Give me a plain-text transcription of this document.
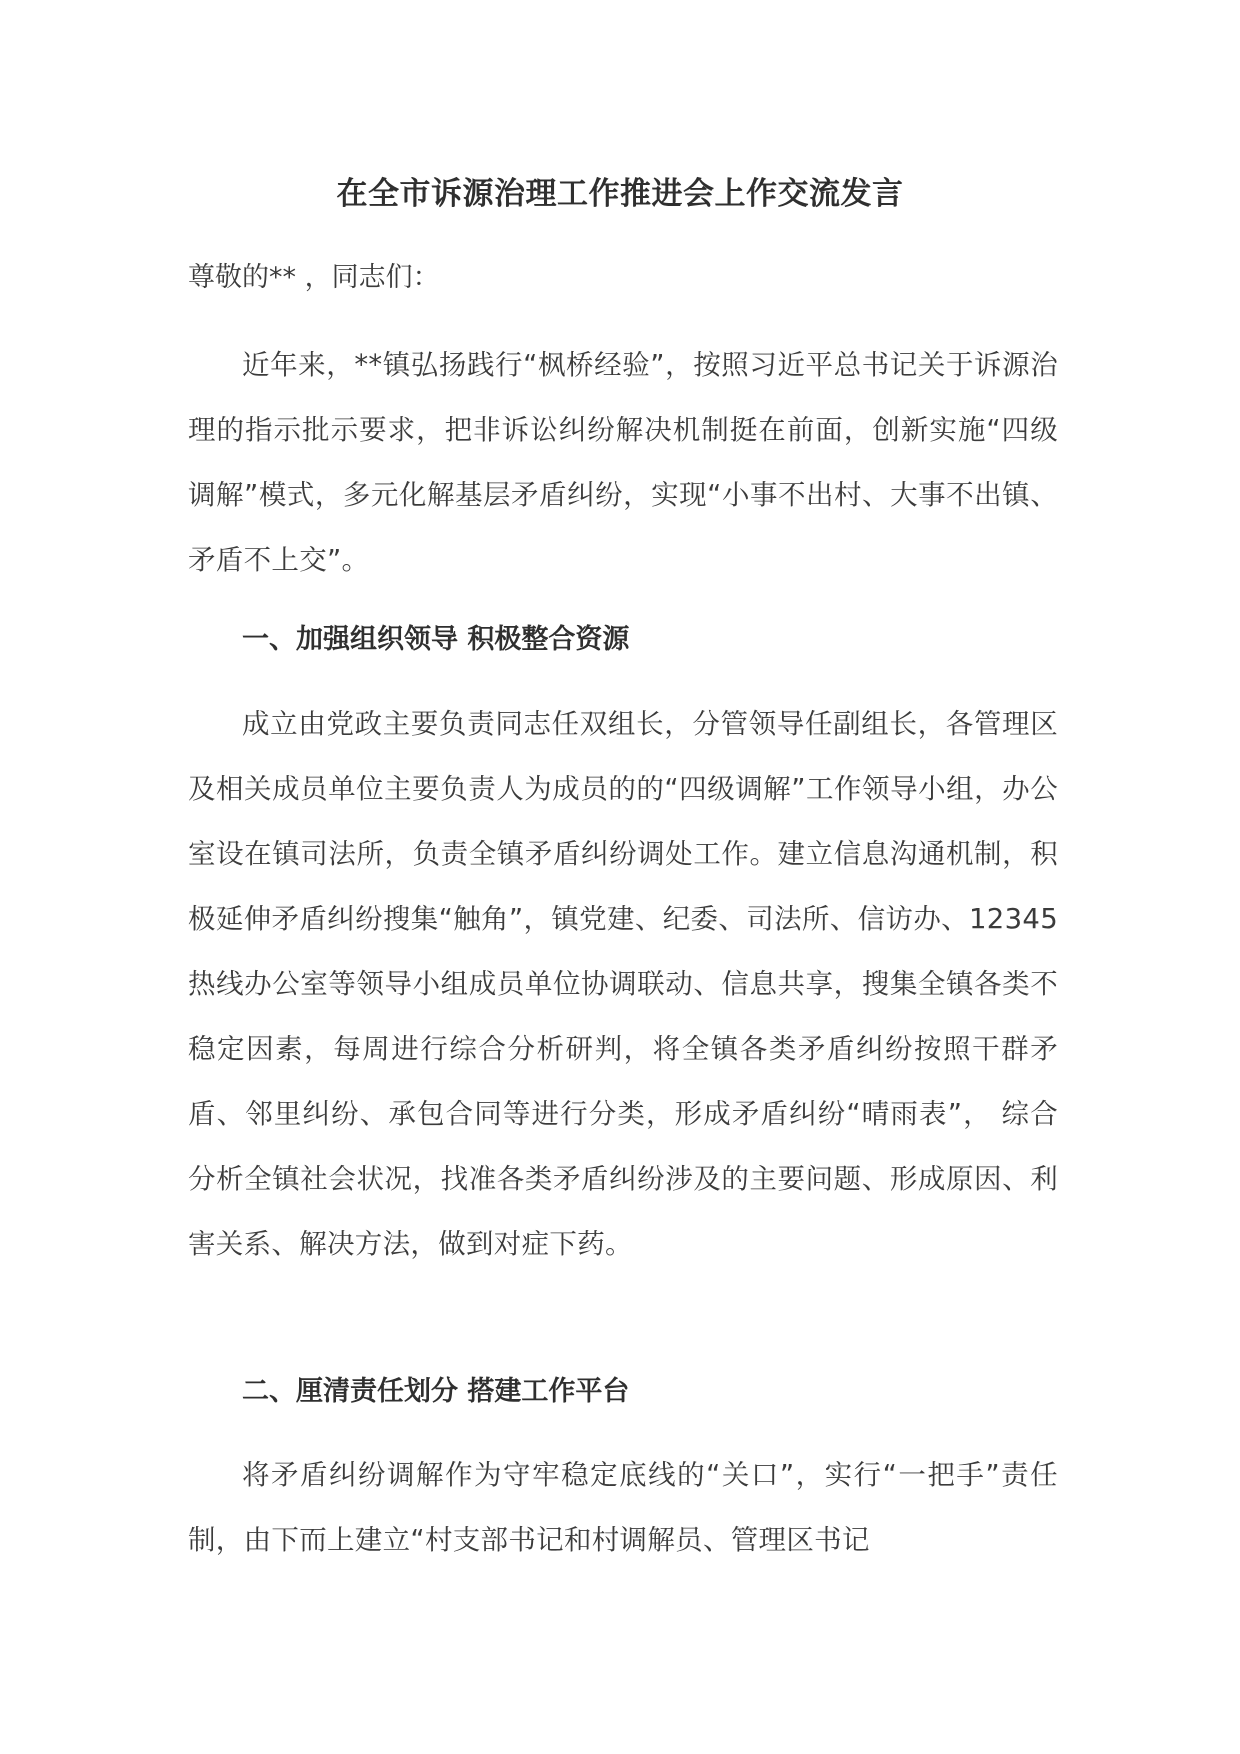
在全市诉源治理工作推进会上作交流发言

尊敬的** ，同志们：

近年来，**镇弘扬践行“枫桥经验”，按照习近平总书记关于诉源治理的指示批示要求，把非诉讼纠纷解决机制挺在前面，创新实施“四级调解”模式，多元化解基层矛盾纠纷，实现“小事不出村、大事不出镇、矛盾不上交”。

一、加强组织领导 积极整合资源

成立由党政主要负责同志任双组长，分管领导任副组长，各管理区及相关成员单位主要负责人为成员的的“四级调解”工作领导小组，办公室设在镇司法所，负责全镇矛盾纠纷调处工作。建立信息沟通机制，积极延伸矛盾纠纷搜集“触角”，镇党建、纪委、司法所、信访办、12345 热线办公室等领导小组成员单位协调联动、信息共享，搜集全镇各类不稳定因素，每周进行综合分析研判，将全镇各类矛盾纠纷按照干群矛盾、邻里纠纷、承包合同等进行分类，形成矛盾纠纷“晴雨表”， 综合分析全镇社会状况，找准各类矛盾纠纷涉及的主要问题、形成原因、利害关系、解决方法，做到对症下药。

二、厘清责任划分 搭建工作平台

将矛盾纠纷调解作为守牢稳定底线的“关口”，实行“一把手”责任制，由下而上建立“村支部书记和村调解员、管理区书记
